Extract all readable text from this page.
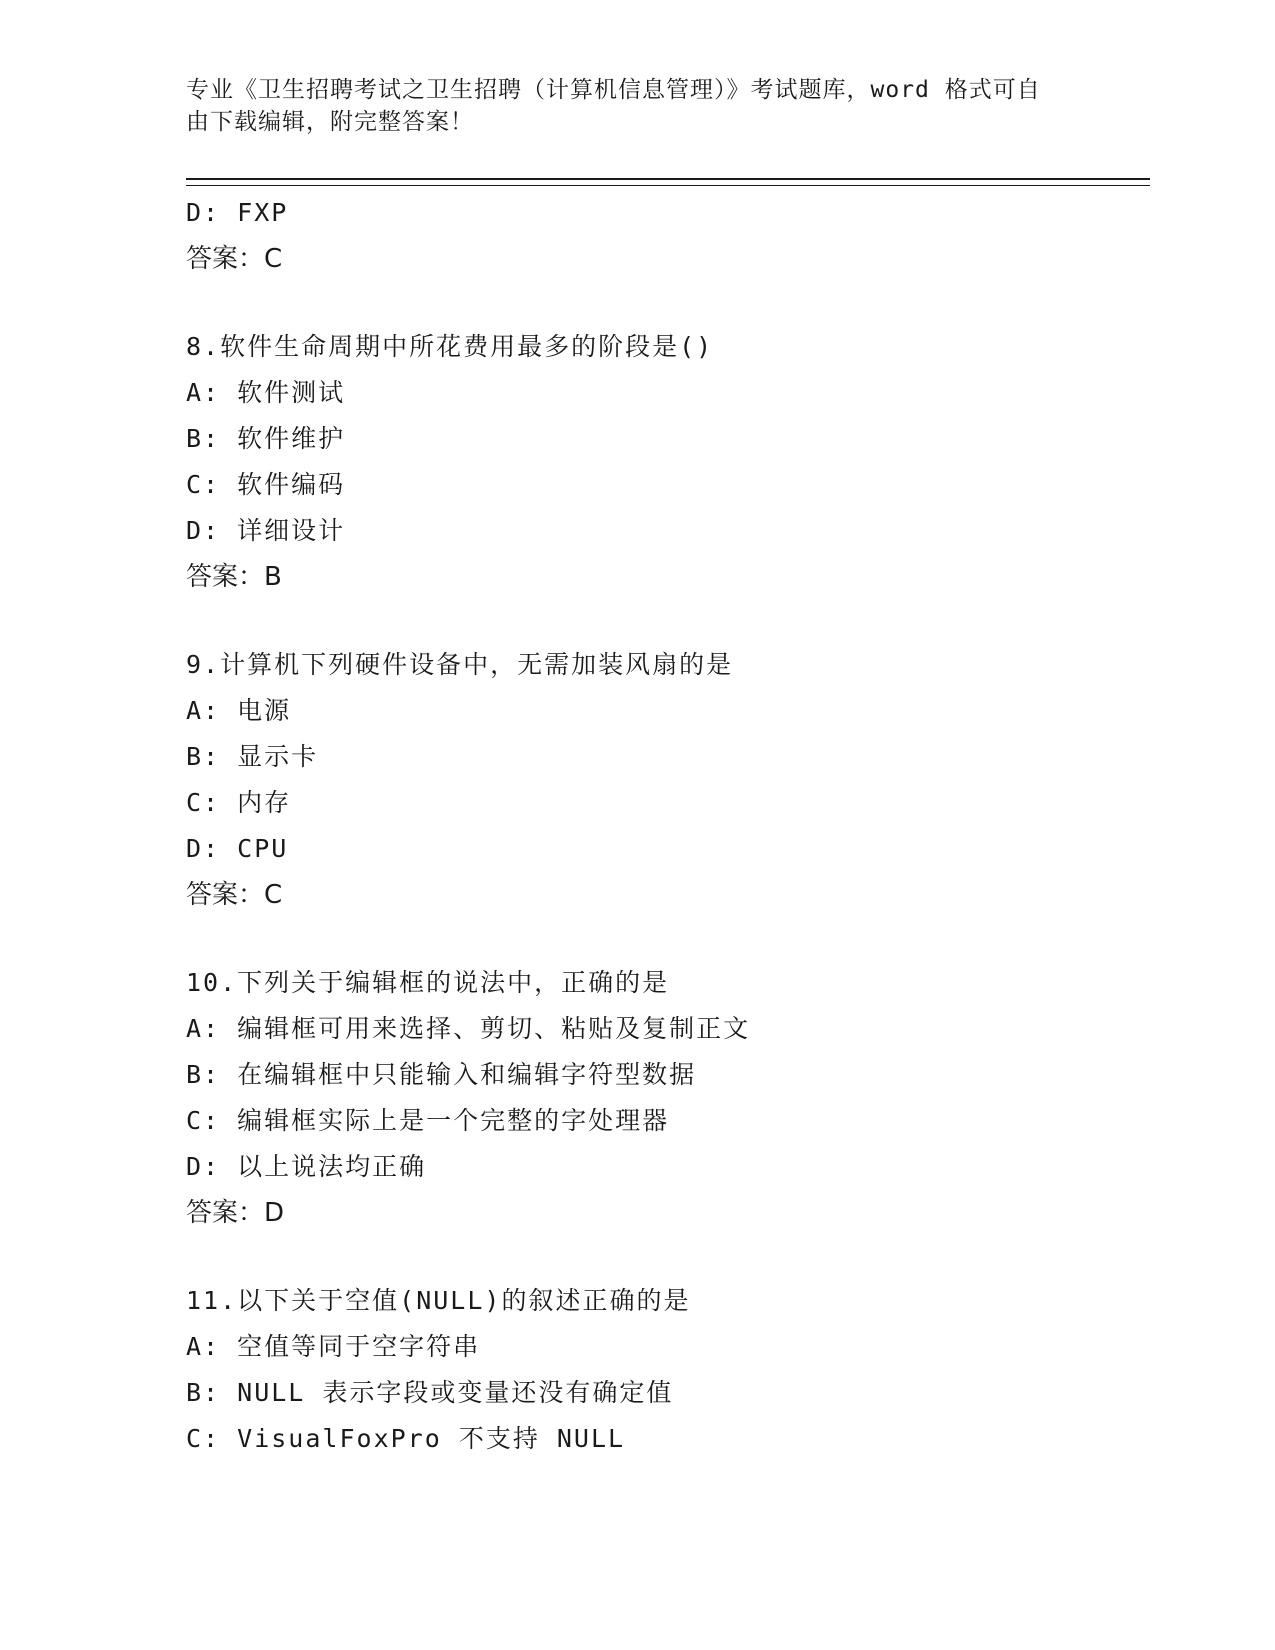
专业《卫生招聘考试之卫生招聘（计算机信息管理）》考试题库，word 格式可自
由下载编辑，附完整答案！
D: FXP
答案：C
8.软件生命周期中所花费用最多的阶段是()
A: 软件测试
B: 软件维护
C: 软件编码
D: 详细设计
答案：B
9.计算机下列硬件设备中，无需加装风扇的是
A: 电源
B: 显示卡
C: 内存
D: CPU
答案：C
10.下列关于编辑框的说法中，正确的是
A: 编辑框可用来选择、剪切、粘贴及复制正文
B: 在编辑框中只能输入和编辑字符型数据
C: 编辑框实际上是一个完整的字处理器
D: 以上说法均正确
答案：D
11.以下关于空值(NULL)的叙述正确的是
A: 空值等同于空字符串
B: NULL 表示字段或变量还没有确定值
C: VisualFoxPro 不支持 NULL
